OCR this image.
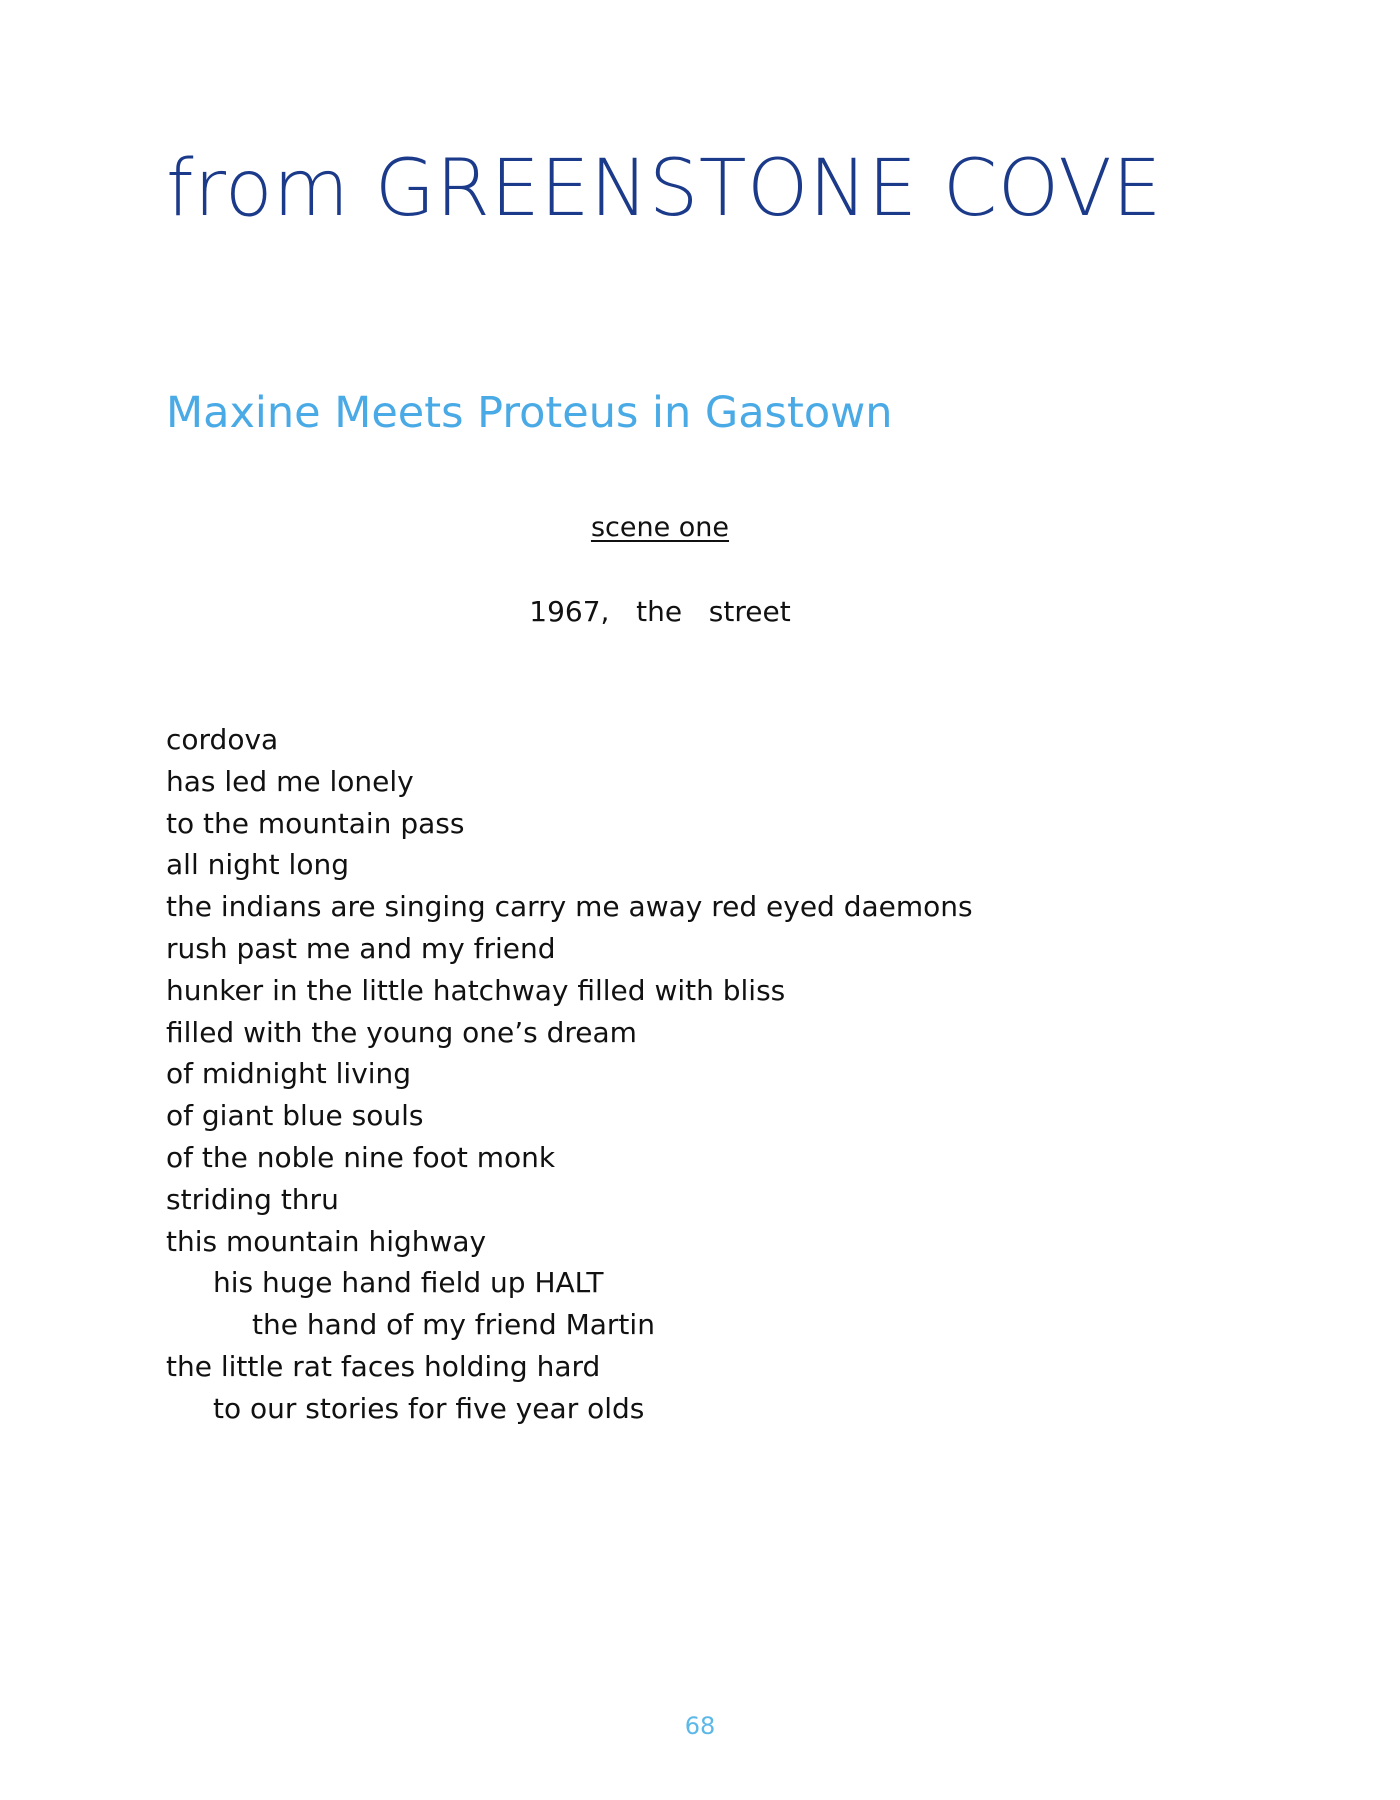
from GREENSTONE COVE
Maxine Meets Proteus in Gastown
scene one
1967,   the   street
cordova
has led me lonely
to the mountain pass
all night long
the indians are singing carry me away red eyed daemons
rush past me and my friend
hunker in the little hatchway filled with bliss
filled with the young one’s dream
of midnight living
of giant blue souls
of the noble nine foot monk
striding thru
this mountain highway
his huge hand field up HALT
the hand of my friend Martin
the little rat faces holding hard
to our stories for five year olds
68
